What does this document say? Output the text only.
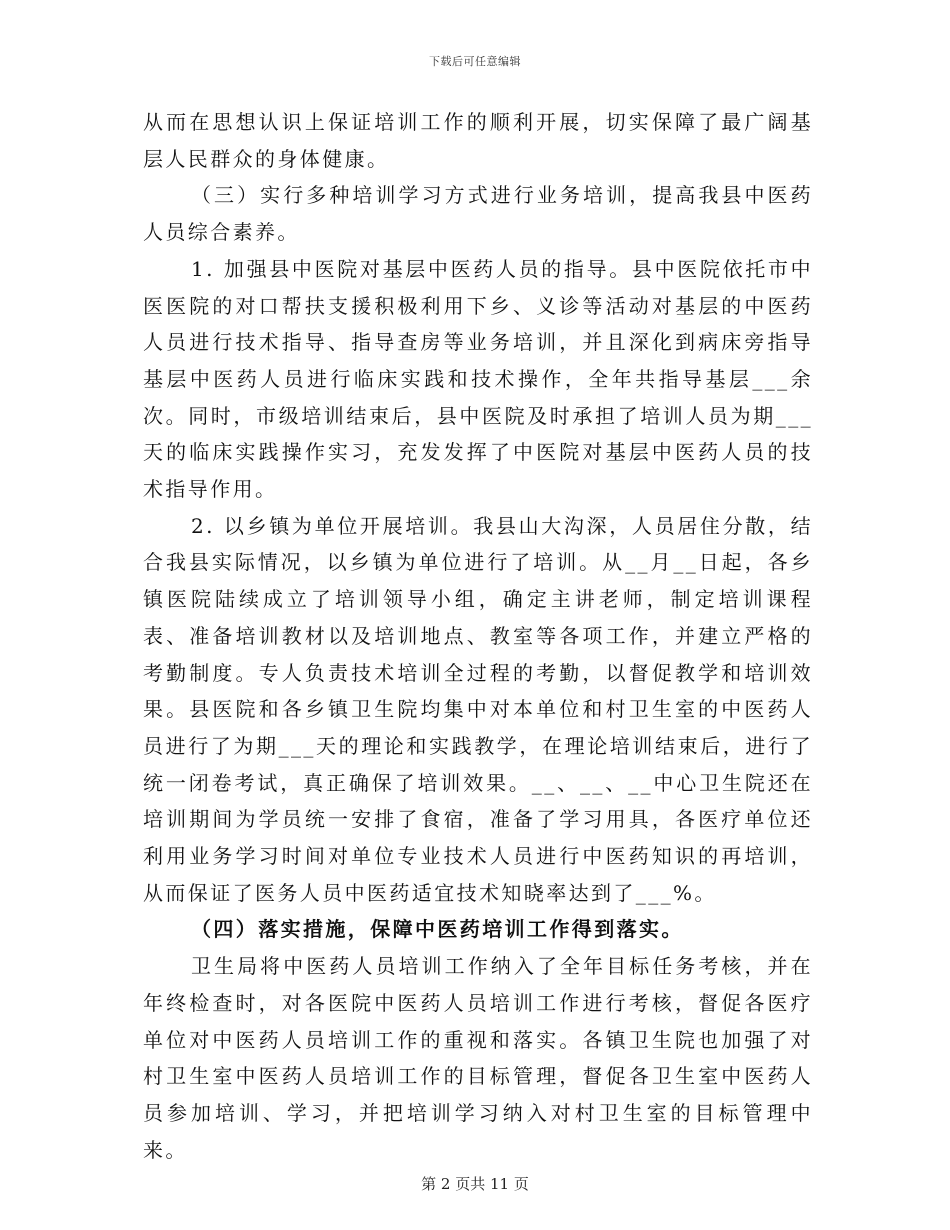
下载后可任意编辑

从而在思想认识上保证培训工作的顺利开展，切实保障了最广阔基层人民群众的身体健康。

（三）实行多种培训学习方式进行业务培训，提高我县中医药人员综合素养。

1. 加强县中医院对基层中医药人员的指导。县中医院依托市中医医院的对口帮扶支援积极利用下乡、义诊等活动对基层的中医药人员进行技术指导、指导查房等业务培训，并且深化到病床旁指导基层中医药人员进行临床实践和技术操作，全年共指导基层___余次。同时，市级培训结束后，县中医院及时承担了培训人员为期___天的临床实践操作实习，充发发挥了中医院对基层中医药人员的技术指导作用。

2. 以乡镇为单位开展培训。我县山大沟深，人员居住分散，结合我县实际情况，以乡镇为单位进行了培训。从__月__日起，各乡镇医院陆续成立了培训领导小组，确定主讲老师，制定培训课程表、准备培训教材以及培训地点、教室等各项工作，并建立严格的考勤制度。专人负责技术培训全过程的考勤，以督促教学和培训效果。县医院和各乡镇卫生院均集中对本单位和村卫生室的中医药人员进行了为期___天的理论和实践教学，在理论培训结束后，进行了统一闭卷考试，真正确保了培训效果。__、__、__中心卫生院还在培训期间为学员统一安排了食宿，准备了学习用具，各医疗单位还利用业务学习时间对单位专业技术人员进行中医药知识的再培训，从而保证了医务人员中医药适宜技术知晓率达到了___%。

（四）落实措施，保障中医药培训工作得到落实。

卫生局将中医药人员培训工作纳入了全年目标任务考核，并在年终检查时，对各医院中医药人员培训工作进行考核，督促各医疗单位对中医药人员培训工作的重视和落实。各镇卫生院也加强了对村卫生室中医药人员培训工作的目标管理，督促各卫生室中医药人员参加培训、学习，并把培训学习纳入对村卫生室的目标管理中来。

第 2 页共 11 页
